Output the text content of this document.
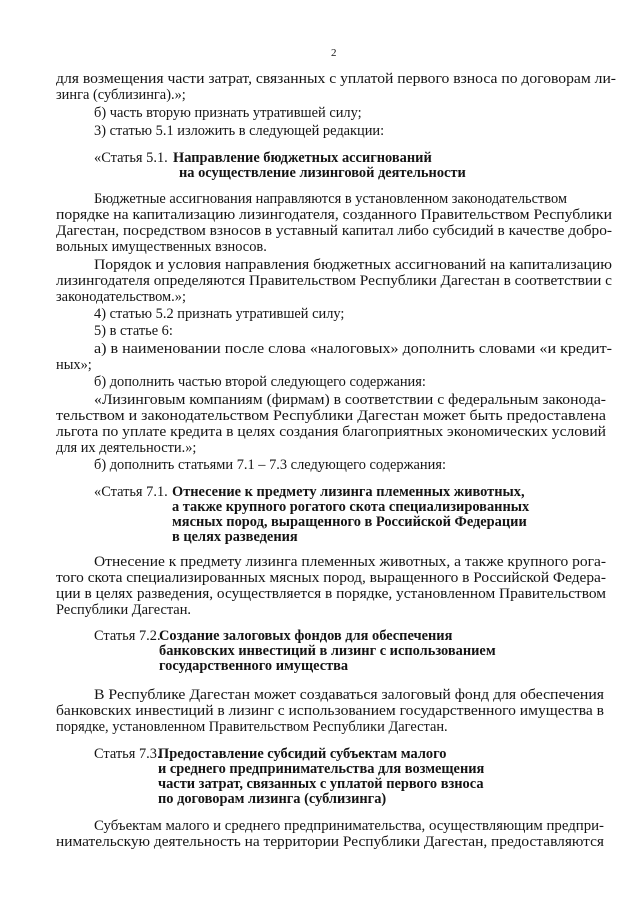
2
для возмещения части затрат, связанных с уплатой первого взноса по договорам ли-
зинга (сублизинга).»;
б) часть вторую признать утратившей силу;
3) статью 5.1 изложить в следующей редакции:
«Статья 5.1. Направление бюджетных ассигнований
на осуществление лизинговой деятельности
Бюджетные ассигнования направляются в установленном законодательством
порядке на капитализацию лизингодателя, созданного Правительством Республики
Дагестан, посредством взносов в уставный капитал либо субсидий в качестве добро-
вольных имущественных взносов.
Порядок и условия направления бюджетных ассигнований на капитализацию
лизингодателя определяются Правительством Республики Дагестан в соответствии с
законодательством.»;
4) статью 5.2 признать утратившей силу;
5) в статье 6:
а) в наименовании после слова «налоговых» дополнить словами «и кредит-
ных»;
б) дополнить частью второй следующего содержания:
«Лизинговым компаниям (фирмам) в соответствии с федеральным законода-
тельством и законодательством Республики Дагестан может быть предоставлена
льгота по уплате кредита в целях создания благоприятных экономических условий
для их деятельности.»;
б) дополнить статьями 7.1 – 7.3 следующего содержания:
«Статья 7.1. Отнесение к предмету лизинга племенных животных,
а также крупного рогатого скота специализированных
мясных пород, выращенного в Российской Федерации
в целях разведения
Отнесение к предмету лизинга племенных животных, а также крупного рога-
того скота специализированных мясных пород, выращенного в Российской Федера-
ции в целях разведения, осуществляется в порядке, установленном Правительством
Республики Дагестан.
Статья 7.2.
Создание залоговых фондов для обеспечения
банковских инвестиций в лизинг с использованием
государственного имущества
В Республике Дагестан может создаваться залоговый фонд для обеспечения
банковских инвестиций в лизинг с использованием государственного имущества в
порядке, установленном Правительством Республики Дагестан.
Статья 7.3.
Предоставление субсидий субъектам малого
и среднего предпринимательства для возмещения
части затрат, связанных с уплатой первого взноса
по договорам лизинга (сублизинга)
Субъектам малого и среднего предпринимательства, осуществляющим предпри-
нимательскую деятельность на территории Республики Дагестан, предоставляются
